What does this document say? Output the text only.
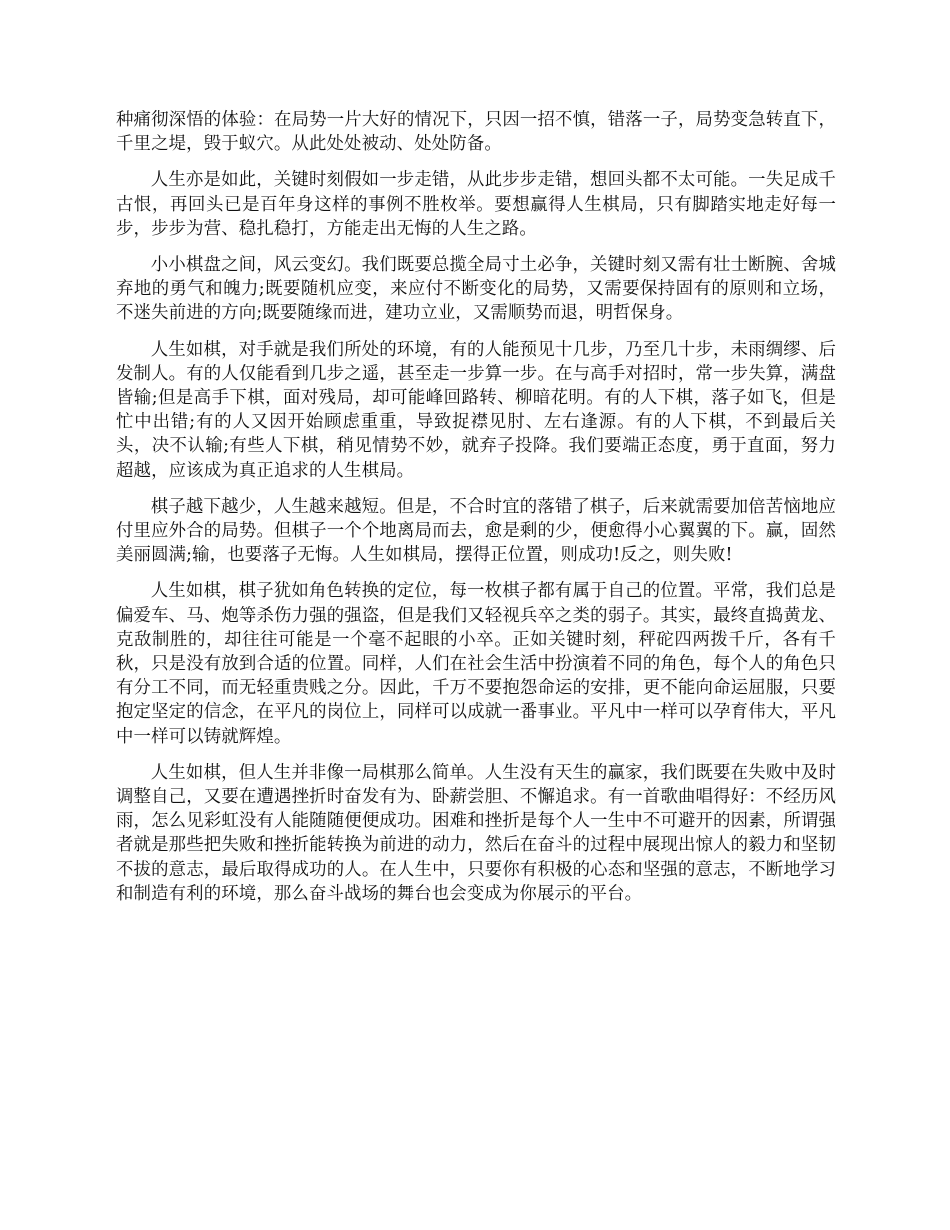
种痛彻深悟的体验：在局势一片大好的情况下，只因一招不慎，错落一子，局势变急转直下，千里之堤，毁于蚁穴。从此处处被动、处处防备。

人生亦是如此，关键时刻假如一步走错，从此步步走错，想回头都不太可能。一失足成千古恨，再回头已是百年身这样的事例不胜枚举。要想赢得人生棋局，只有脚踏实地走好每一步，步步为营、稳扎稳打，方能走出无悔的人生之路。

小小棋盘之间，风云变幻。我们既要总揽全局寸土必争，关键时刻又需有壮士断腕、舍城弃地的勇气和魄力;既要随机应变，来应付不断变化的局势，又需要保持固有的原则和立场，不迷失前进的方向;既要随缘而进，建功立业，又需顺势而退，明哲保身。

人生如棋，对手就是我们所处的环境，有的人能预见十几步，乃至几十步，未雨绸缪、后发制人。有的人仅能看到几步之遥，甚至走一步算一步。在与高手对招时，常一步失算，满盘皆输;但是高手下棋，面对残局，却可能峰回路转、柳暗花明。有的人下棋，落子如飞，但是忙中出错;有的人又因开始顾虑重重，导致捉襟见肘、左右逢源。有的人下棋，不到最后关头，决不认输;有些人下棋，稍见情势不妙，就弃子投降。我们要端正态度，勇于直面，努力超越，应该成为真正追求的人生棋局。

棋子越下越少，人生越来越短。但是，不合时宜的落错了棋子，后来就需要加倍苦恼地应付里应外合的局势。但棋子一个个地离局而去，愈是剩的少，便愈得小心翼翼的下。赢，固然美丽圆满;输，也要落子无悔。人生如棋局，摆得正位置，则成功!反之，则失败!

人生如棋，棋子犹如角色转换的定位，每一枚棋子都有属于自己的位置。平常，我们总是偏爱车、马、炮等杀伤力强的强盗，但是我们又轻视兵卒之类的弱子。其实，最终直捣黄龙、克敌制胜的，却往往可能是一个毫不起眼的小卒。正如关键时刻，秤砣四两拨千斤，各有千秋，只是没有放到合适的位置。同样，人们在社会生活中扮演着不同的角色，每个人的角色只有分工不同，而无轻重贵贱之分。因此，千万不要抱怨命运的安排，更不能向命运屈服，只要抱定坚定的信念，在平凡的岗位上，同样可以成就一番事业。平凡中一样可以孕育伟大，平凡中一样可以铸就辉煌。

人生如棋，但人生并非像一局棋那么简单。人生没有天生的赢家，我们既要在失败中及时调整自己，又要在遭遇挫折时奋发有为、卧薪尝胆、不懈追求。有一首歌曲唱得好：不经历风雨，怎么见彩虹没有人能随随便便成功。困难和挫折是每个人一生中不可避开的因素，所谓强者就是那些把失败和挫折能转换为前进的动力，然后在奋斗的过程中展现出惊人的毅力和坚韧不拔的意志，最后取得成功的人。在人生中，只要你有积极的心态和坚强的意志，不断地学习和制造有利的环境，那么奋斗战场的舞台也会变成为你展示的平台。
